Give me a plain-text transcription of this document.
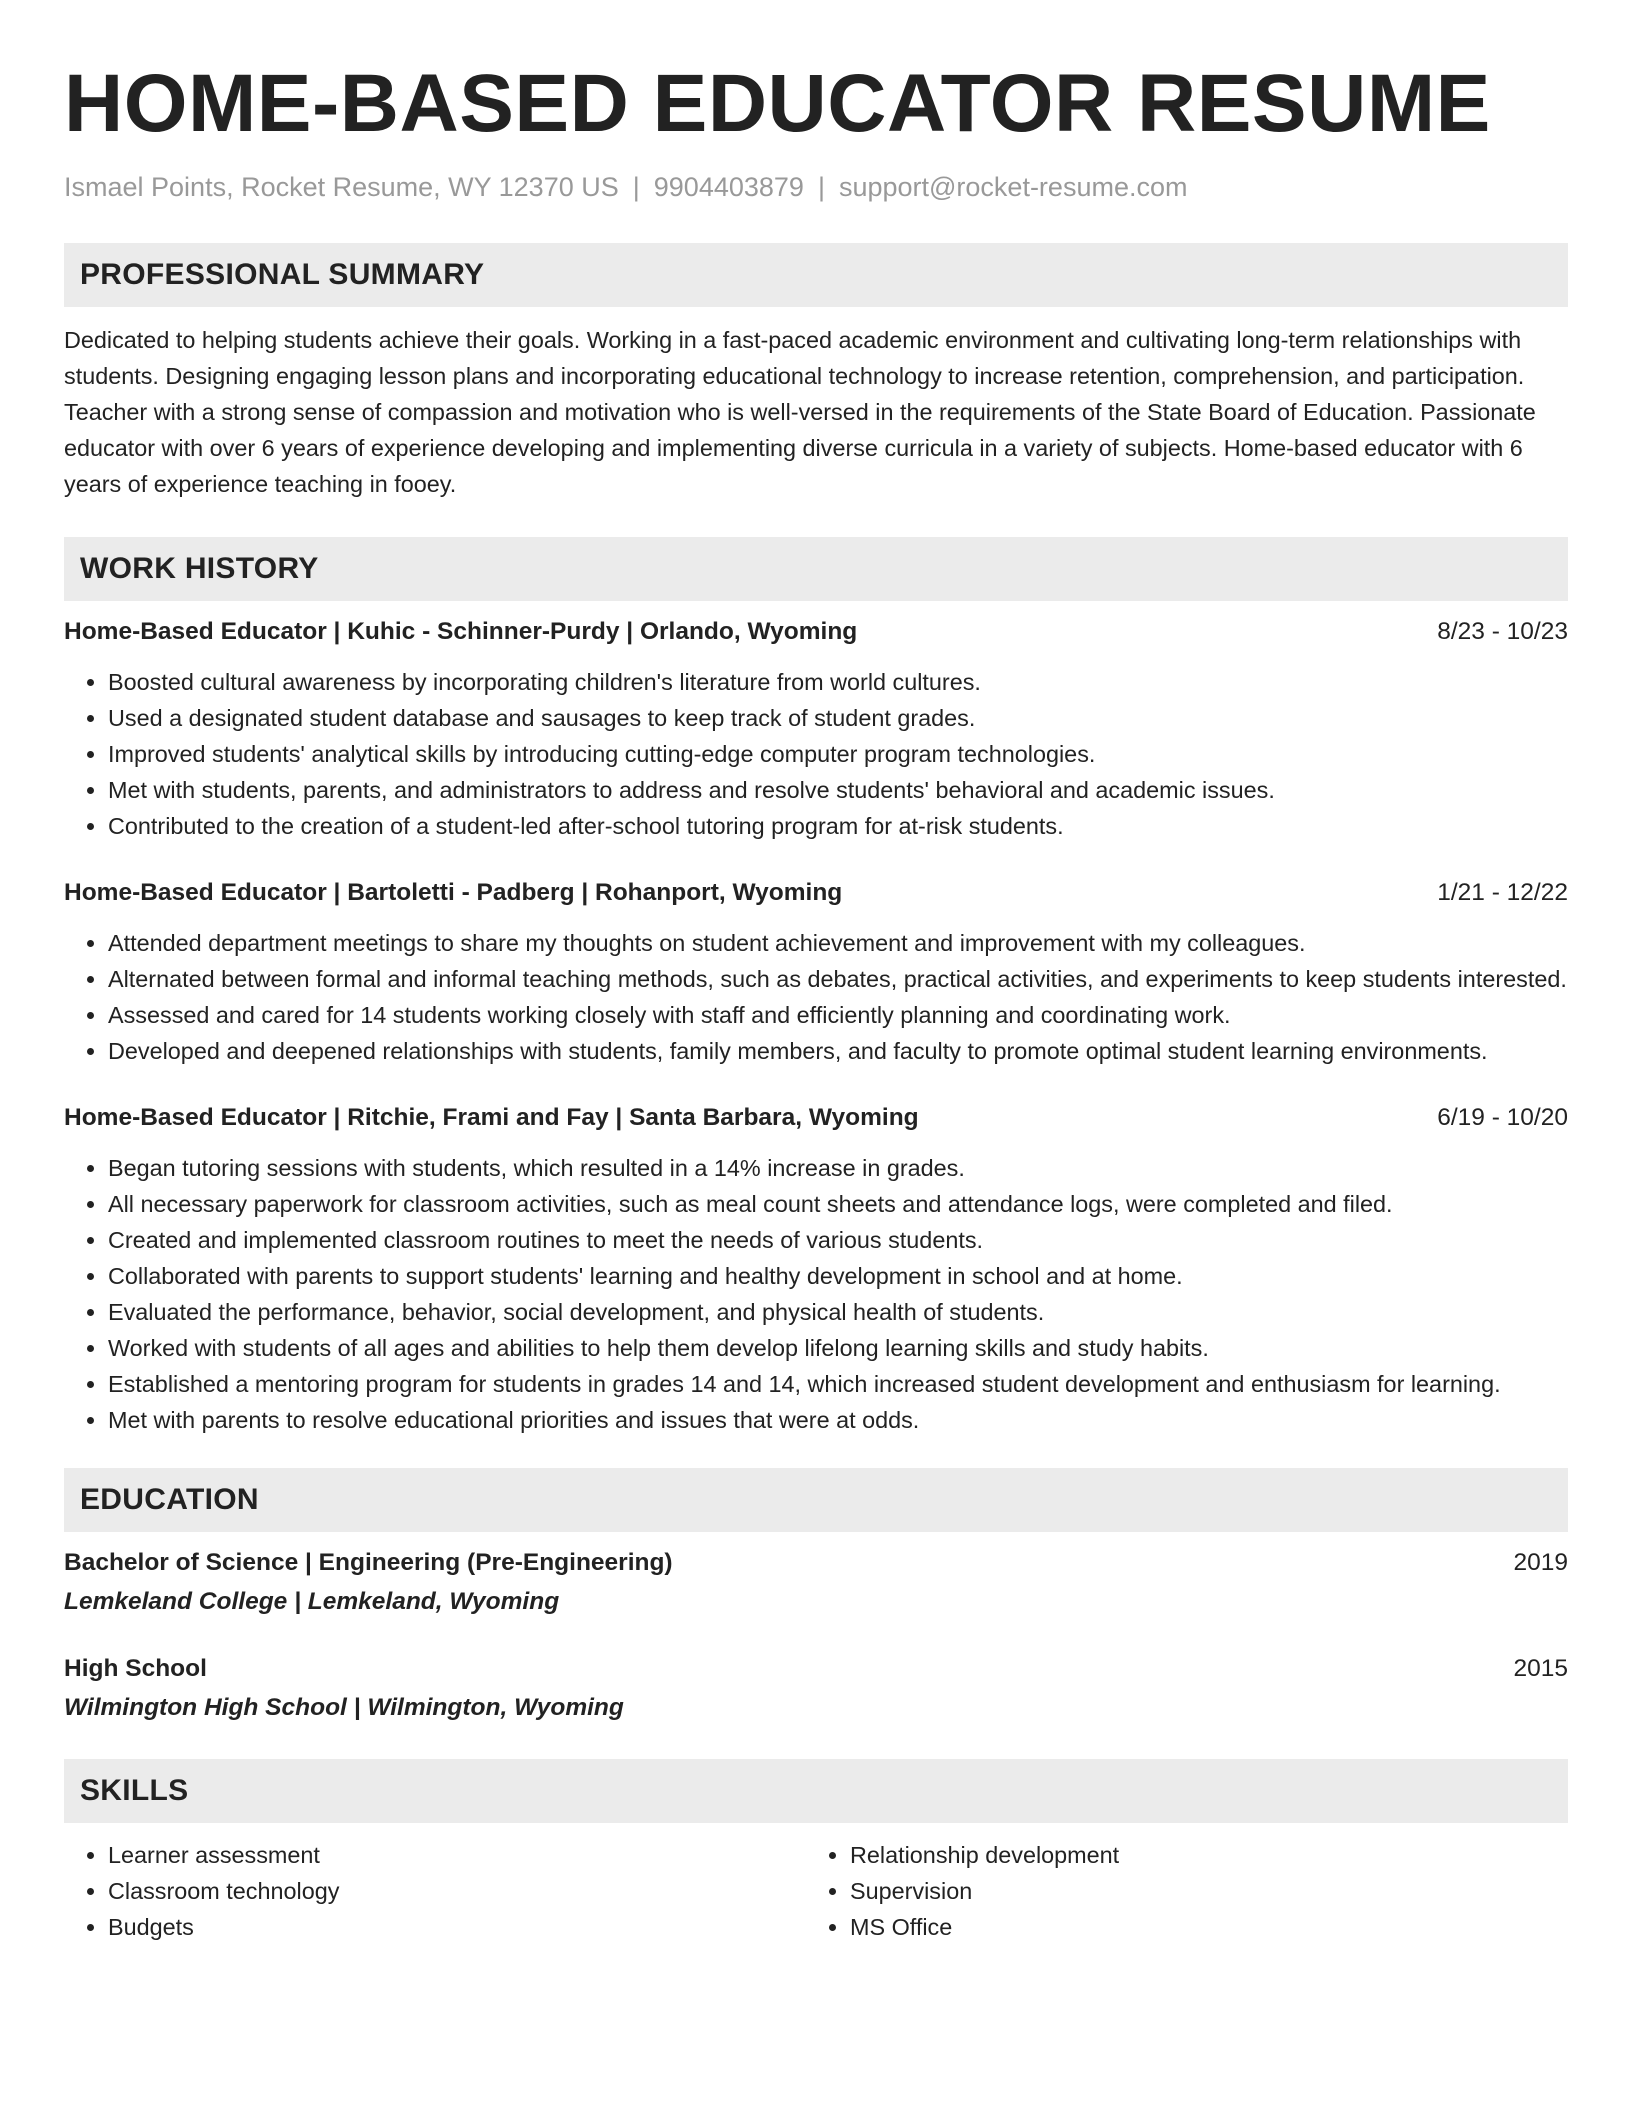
HOME-BASED EDUCATOR RESUME
Ismael Points, Rocket Resume, WY 12370 US | 9904403879 | support@rocket-resume.com
PROFESSIONAL SUMMARY

Dedicated to helping students achieve their goals. Working in a fast-paced academic environment and cultivating long-term relationships with students. Designing engaging lesson plans and incorporating educational technology to increase retention, comprehension, and participation. Teacher with a strong sense of compassion and motivation who is well-versed in the requirements of the State Board of Education. Passionate educator with over 6 years of experience developing and implementing diverse curricula in a variety of subjects. Home-based educator with 6 years of experience teaching in fooey.

WORK HISTORY
Home-Based Educator | Kuhic - Schinner-Purdy | Orlando, Wyoming	8/23 - 10/23
• Boosted cultural awareness by incorporating children's literature from world cultures.
• Used a designated student database and sausages to keep track of student grades.
• Improved students' analytical skills by introducing cutting-edge computer program technologies.
• Met with students, parents, and administrators to address and resolve students' behavioral and academic issues.
• Contributed to the creation of a student-led after-school tutoring program for at-risk students.
Home-Based Educator | Bartoletti - Padberg | Rohanport, Wyoming	1/21 - 12/22
• Attended department meetings to share my thoughts on student achievement and improvement with my colleagues.
• Alternated between formal and informal teaching methods, such as debates, practical activities, and experiments to keep students interested.
• Assessed and cared for 14 students working closely with staff and efficiently planning and coordinating work.
• Developed and deepened relationships with students, family members, and faculty to promote optimal student learning environments.
Home-Based Educator | Ritchie, Frami and Fay | Santa Barbara, Wyoming	6/19 - 10/20
• Began tutoring sessions with students, which resulted in a 14% increase in grades.
• All necessary paperwork for classroom activities, such as meal count sheets and attendance logs, were completed and filed.
• Created and implemented classroom routines to meet the needs of various students.
• Collaborated with parents to support students' learning and healthy development in school and at home.
• Evaluated the performance, behavior, social development, and physical health of students.
• Worked with students of all ages and abilities to help them develop lifelong learning skills and study habits.
• Established a mentoring program for students in grades 14 and 14, which increased student development and enthusiasm for learning.
• Met with parents to resolve educational priorities and issues that were at odds.
EDUCATION
Bachelor of Science | Engineering (Pre-Engineering)	2019
Lemkeland College | Lemkeland, Wyoming
High School	2015
Wilmington High School | Wilmington, Wyoming
SKILLS
• Learner assessment
• Classroom technology
• Budgets
• Relationship development
• Supervision
• MS Office
